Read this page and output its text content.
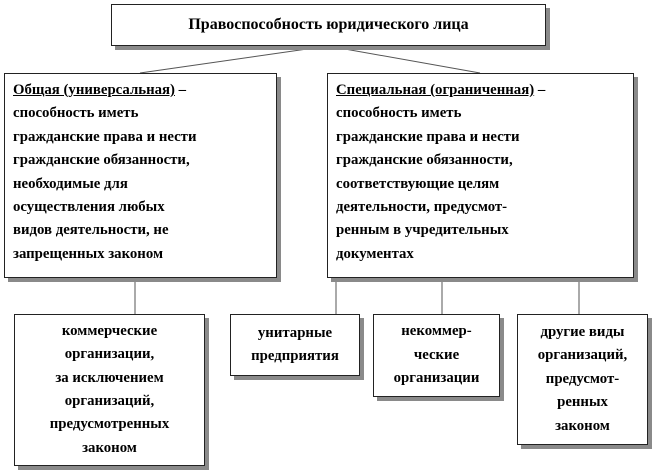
Правоспособность юридического лица
Общая (универсальная) –
способность иметь
гражданские права и нести
гражданские обязанности,
необходимые для
осуществления любых
видов деятельности, не
запрещенных законом
Специальная (ограниченная) –
способность иметь
гражданские права и нести
гражданские обязанности,
соответствующие целям
деятельности, предусмот-
ренным в учредительных
документах
коммерческие
организации,
за исключением
организаций,
предусмотренных
законом
унитарные
предприятия
некоммер-
ческие
организации
другие виды
организаций,
предусмот-
ренных
законом
